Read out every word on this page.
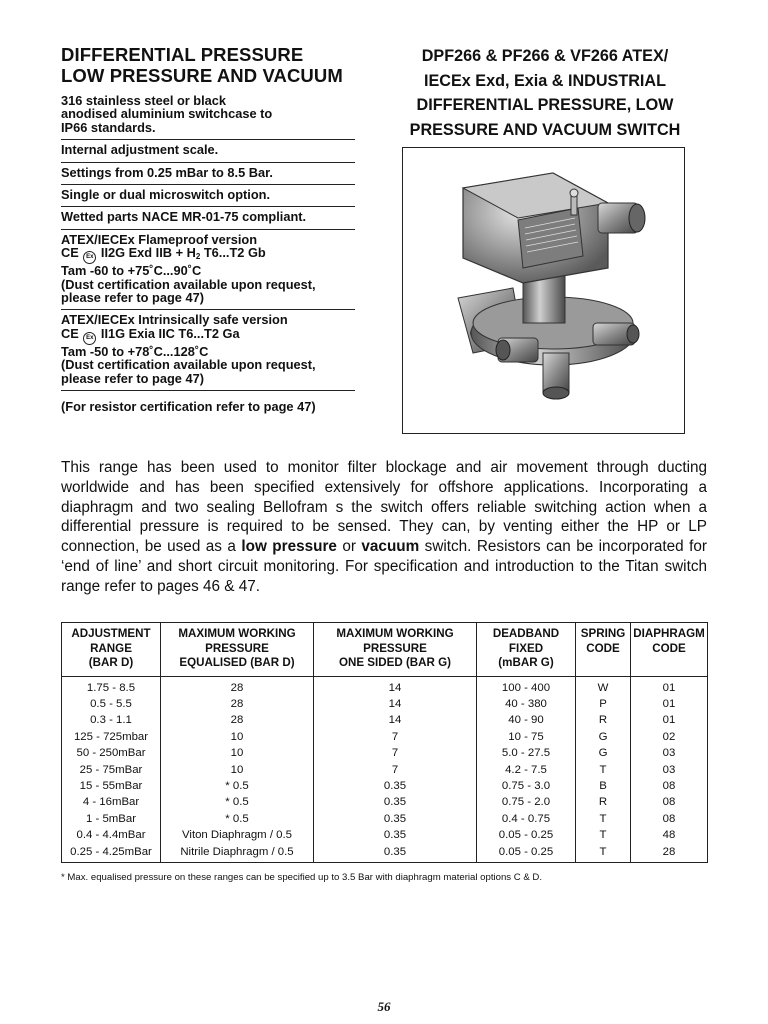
DIFFERENTIAL PRESSURE
LOW PRESSURE AND VACUUM
316 stainless steel or black
anodised aluminium switchcase to
IP66 standards.
Internal adjustment scale.
Settings from 0.25 mBar to 8.5 Bar.
Single or dual microswitch option.
Wetted parts NACE MR-01-75 compliant.
ATEX/IECEx Flameproof version
CE Ex II2G Exd IIB + $H_2$ T6...T2 Gb
Tam -60 to +75˚C...90˚C
(Dust certification available upon request,
please refer to page 47)
ATEX/IECEx Intrinsically safe version
CE Ex II1G Exia IIC T6...T2 Ga
Tam -50 to +78˚C...128˚C
(Dust certification available upon request,
please refer to page 47)
(For resistor certification refer to page 47)
DPF266 & PF266 & VF266 ATEX/
IECEx Exd, Exia & INDUSTRIAL
DIFFERENTIAL PRESSURE, LOW
PRESSURE AND VACUUM SWITCH
This range has been used to monitor filter blockage and air movement through ducting worldwide and has been specified extensively for offshore applications. Incorporating a diaphragm and two sealing Bellofram s the switch offers reliable switching action when a differential pressure is required to be sensed. They can, by venting either the HP or LP connection, be used as a low pressure or vacuum switch. Resistors can be incorporated for ‘end of line’ and short circuit monitoring. For specification and introduction to the Titan switch range refer to pages 46 & 47.
ADJUSTMENT
RANGE
(BAR D)	MAXIMUM WORKING
PRESSURE
EQUALISED (BAR D)	MAXIMUM WORKING
PRESSURE
ONE SIDED (BAR G)	DEADBAND
FIXED
(mBAR G)	SPRING
CODE	DIAPHRAGM
CODE

1.75 - 8.5	28	14	100 - 400	W	01
0.5 - 5.5	28	14	40 - 380	P	01
0.3 - 1.1	28	14	40 - 90	R	01
125 - 725mbar	10	7	10 - 75	G	02
50 - 250mBar	10	7	5.0 - 27.5	G	03
25 - 75mBar	10	7	4.2 - 7.5	T	03
15 - 55mBar	* 0.5	0.35	0.75 - 3.0	B	08
4 - 16mBar	* 0.5	0.35	0.75 - 2.0	R	08
1 - 5mBar	* 0.5	0.35	0.4 - 0.75	T	08
0.4 - 4.4mBar	Viton Diaphragm / 0.5	0.35	0.05 - 0.25	T	48
0.25 - 4.25mBar	Nitrile Diaphragm / 0.5	0.35	0.05 - 0.25	T	28
* Max. equalised pressure on these ranges can be specified up to 3.5 Bar with diaphragm material options C & D.
56
